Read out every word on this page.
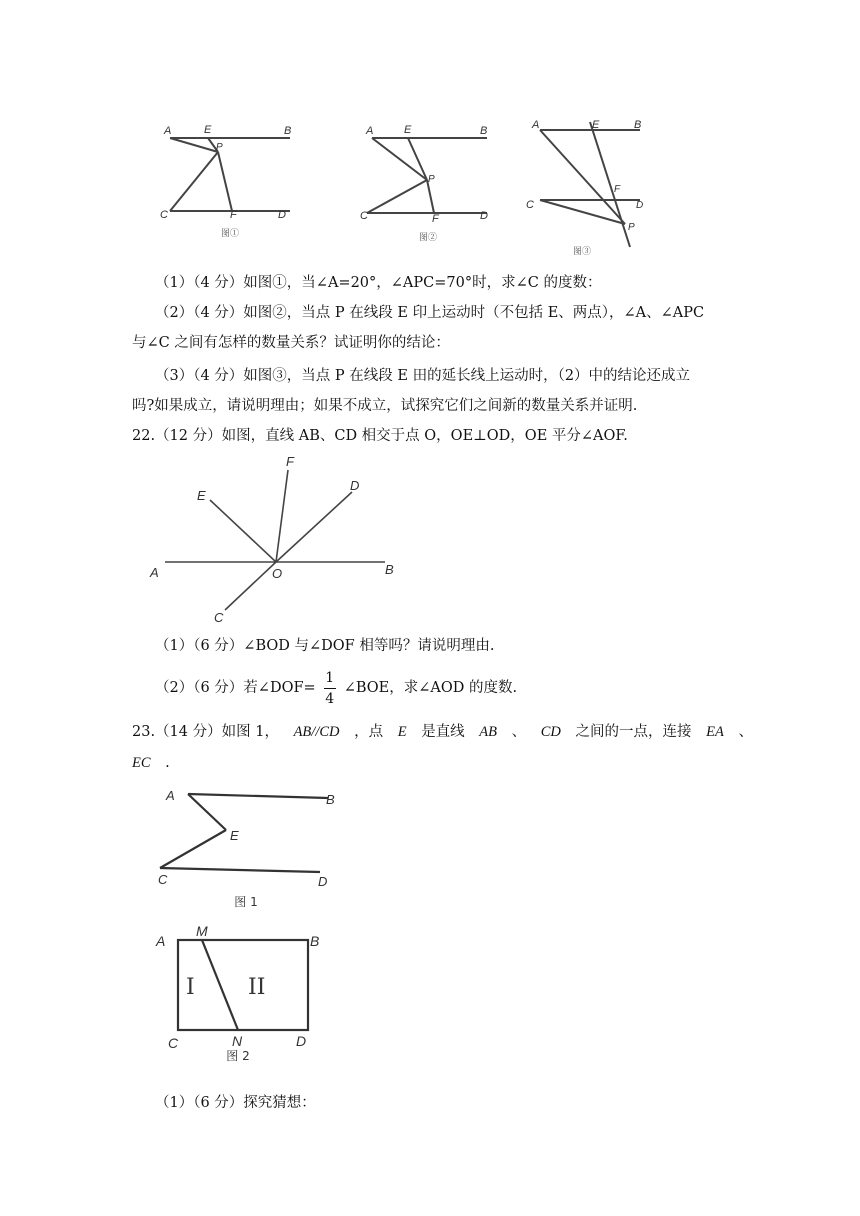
A	E	B
P
C	F	D
图①
A	E	B
P
C	F	D
图②
A	E	B
F
C	D
P
图③
（1）（4 分）如图①，当∠A=20°，∠APC=70°时，求∠C 的度数：
（2）（4 分）如图②，当点 P 在线段 E 印上运动时（不包括 E、两点），∠A、∠APC
与∠C 之间有怎样的数量关系？试证明你的结论：
（3）（4 分）如图③，当点 P 在线段 E 田的延长线上运动时，（2）中的结论还成立
吗?如果成立，请说明理由；如果不成立，试探究它们之间新的数量关系并证明.
22.（12 分）如图，直线 AB、CD 相交于点 O，OE⊥OD，OE 平分∠AOF.
F
E
D
A	O	B
C
（1）（6 分）∠BOD 与∠DOF 相等吗？请说明理由.
（2）（6 分）若∠DOF= $\frac{1}{4}$ ∠BOE，求∠AOD 的度数.
23.（14 分）如图 1， AB//CD ，点 E 是直线 AB 、 CD 之间的一点，连接 EA 、
EC .
A	B
E
C	D
图 1
A
M
B
I II
C	N	D
图 2
（1）（6 分）探究猜想：
